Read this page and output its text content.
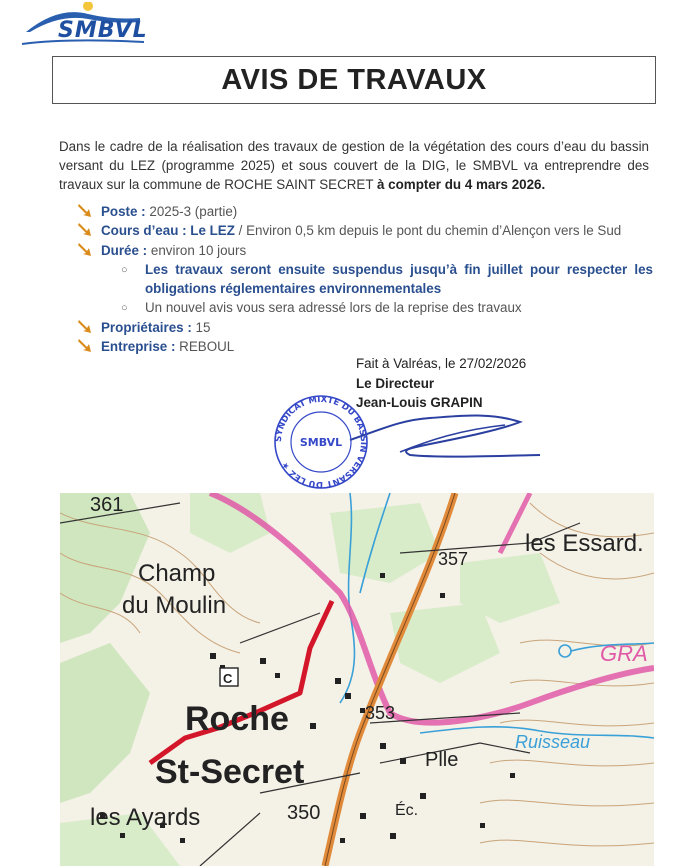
SMBVL
AVIS DE TRAVAUX
Dans le cadre de la réalisation des travaux de gestion de la végétation des cours d’eau du bassin versant du LEZ (programme 2025) et sous couvert de la DIG, le SMBVL va entreprendre des travaux sur la commune de ROCHE SAINT SECRET à compter du 4 mars 2026.
Poste : 2025-3 (partie)
Cours d’eau : Le LEZ / Environ 0,5 km depuis le pont du chemin d’Alençon vers le Sud
Durée : environ 10 jours
○ Les travaux seront ensuite suspendus jusqu’à fin juillet pour respecter les obligations réglementaires environnementales
○ Un nouvel avis vous sera adressé lors de la reprise des travaux
Propriétaires : 15
Entreprise : REBOUL
Fait à Valréas, le 27/02/2026
Le Directeur
Jean-Louis GRAPIN
SYNDICAT MIXTE DU BASSIN VERSANT DU LEZ ★
SMBVL
361
Champ
du Moulin
C
Roche
St-Secret
les Ayards
357
les Essard.
GRA
353
Ruisseau
Plle
350	Éc.
